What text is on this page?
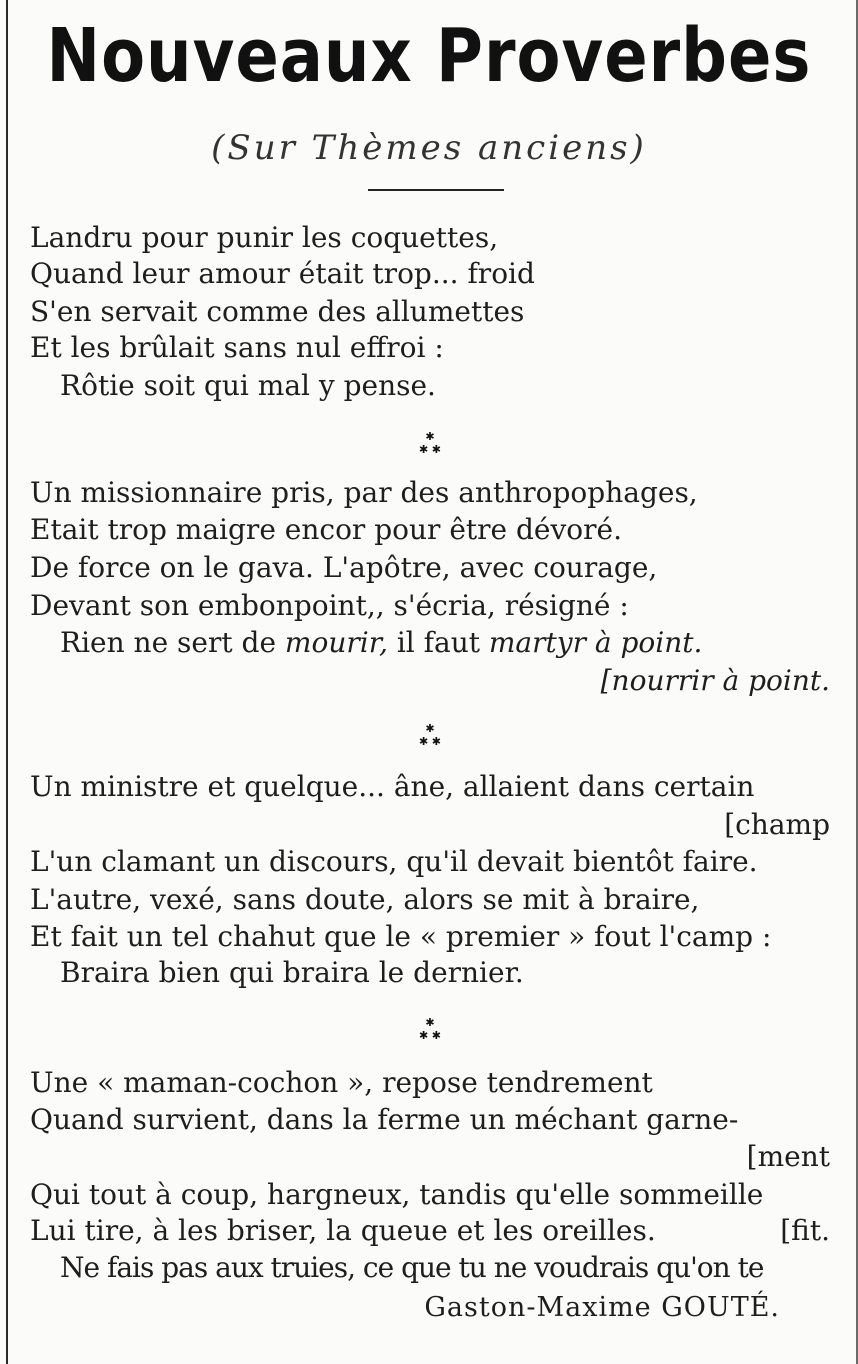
Nouveaux Proverbes
(Sur Thèmes anciens)
Landru pour punir les coquettes,
Quand leur amour était trop... froid
S'en servait comme des allumettes
Et les brûlait sans nul effroi :
Rôtie soit qui mal y pense.
✱
✱ ✱
Un missionnaire pris, par des anthropophages,
Etait trop maigre encor pour être dévoré.
De force on le gava. L'apôtre, avec courage,
Devant son embonpoint,, s'écria, résigné :
Rien ne sert de mourir, il faut martyr à point.
[nourrir à point.
✱
✱ ✱
Un ministre et quelque... âne, allaient dans certain
[champ
L'un clamant un discours, qu'il devait bientôt faire.
L'autre, vexé, sans doute, alors se mit à braire,
Et fait un tel chahut que le « premier » fout l'camp :
Braira bien qui braira le dernier.
✱
✱ ✱
Une « maman-cochon », repose tendrement
Quand survient, dans la ferme un méchant garne-
[ment
Qui tout à coup, hargneux, tandis qu'elle sommeille
Lui tire, à les briser, la queue et les oreilles.	[fit.
Ne fais pas aux truies, ce que tu ne voudrais qu'on te
Gaston-Maxime GOUTÉ.
